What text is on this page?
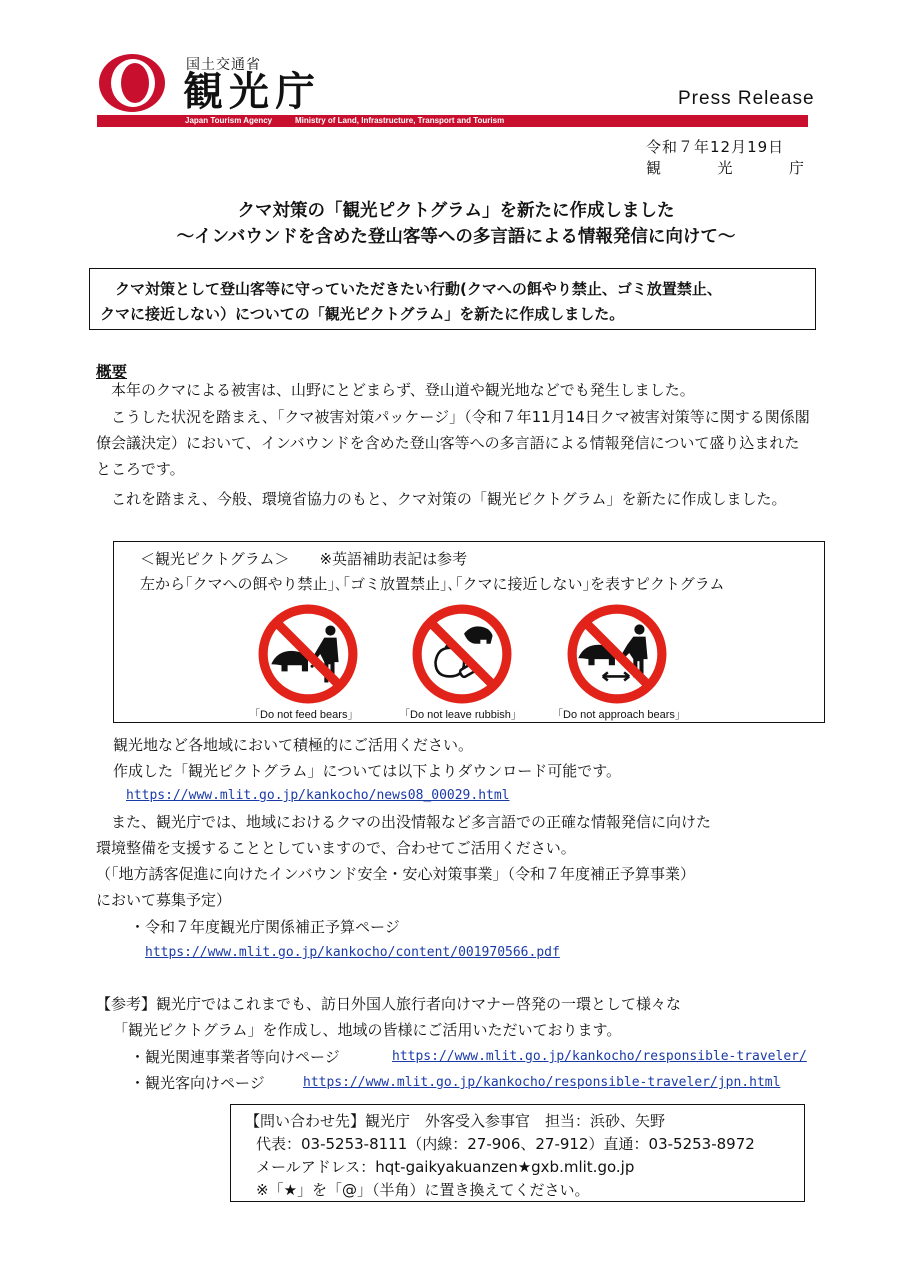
国土交通省
観光庁	Press Release
Japan Tourism Agency	Ministry of Land, Infrastructure, Transport and Tourism
令和７年12月19日
観	光	庁
クマ対策の「観光ピクトグラム」を新たに作成しました
～インバウンドを含めた登山客等への多言語による情報発信に向けて～
　クマ対策として登山客等に守っていただきたい行動(クマへの餌やり禁止、ゴミ放置禁止、
クマに接近しない）についての「観光ピクトグラム」を新たに作成しました。
概要
　本年のクマによる被害は、山野にとどまらず、登山道や観光地などでも発生しました。
　こうした状況を踏まえ、「クマ被害対策パッケージ」（令和７年11月14日クマ被害対策等に関する関係閣僚会議決定）において、インバウンドを含めた登山客等への多言語による情報発信について盛り込まれたところです。
　これを踏まえ、今般、環境省協力のもと、クマ対策の「観光ピクトグラム」を新たに作成しました。
＜観光ピクトグラム＞　　※英語補助表記は参考
左から｢クマへの餌やり禁止｣､｢ゴミ放置禁止｣､｢クマに接近しない｣を表すピクトグラム
「Do not feed bears」	「Do not leave rubbish」	「Do not approach bears」
観光地など各地域において積極的にご活用ください。
作成した「観光ピクトグラム」については以下よりダウンロード可能です。
https://www.mlit.go.jp/kankocho/news08_00029.html
　また、観光庁では、地域におけるクマの出没情報など多言語での正確な情報発信に向けた
環境整備を支援することとしていますので、合わせてご活用ください。
（「地方誘客促進に向けたインバウンド安全・安心対策事業」（令和７年度補正予算事業）
において募集予定）
・令和７年度観光庁関係補正予算ページ
https://www.mlit.go.jp/kankocho/content/001970566.pdf
【参考】観光庁ではこれまでも、訪日外国人旅行者向けマナー啓発の一環として様々な
「観光ピクトグラム」を作成し、地域の皆様にご活用いただいております。
・観光関連事業者等向けページ	https://www.mlit.go.jp/kankocho/responsible-traveler/
・観光客向けページ	https://www.mlit.go.jp/kankocho/responsible-traveler/jpn.html
【問い合わせ先】観光庁　外客受入参事官　担当：浜砂、矢野
代表：03-5253-8111（内線：27-906、27-912）直通：03-5253-8972
メールアドレス：hqt-gaikyakuanzen★gxb.mlit.go.jp
※「★」を「@」（半角）に置き換えてください。
